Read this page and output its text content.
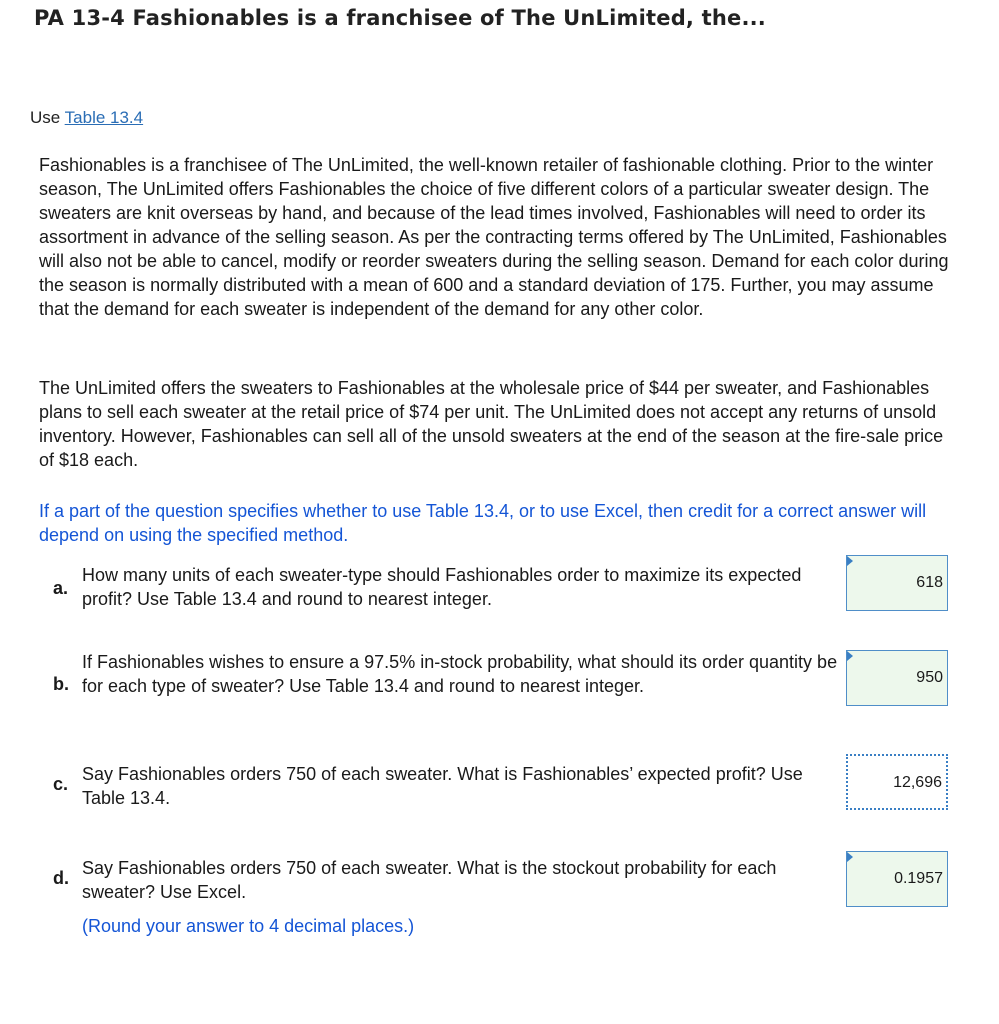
PA 13-4 Fashionables is a franchisee of The UnLimited, the...
Use Table 13.4

Fashionables is a franchisee of The UnLimited, the well-known retailer of fashionable clothing. Prior to the winter season, The UnLimited offers Fashionables the choice of five different colors of a particular sweater design. The sweaters are knit overseas by hand, and because of the lead times involved, Fashionables will need to order its assortment in advance of the selling season. As per the contracting terms offered by The UnLimited, Fashionables will also not be able to cancel, modify or reorder sweaters during the selling season. Demand for each color during the season is normally distributed with a mean of 600 and a standard deviation of 175. Further, you may assume that the demand for each sweater is independent of the demand for any other color.

The UnLimited offers the sweaters to Fashionables at the wholesale price of $44 per sweater, and Fashionables plans to sell each sweater at the retail price of $74 per unit. The UnLimited does not accept any returns of unsold inventory. However, Fashionables can sell all of the unsold sweaters at the end of the season at the fire-sale price of $18 each.

If a part of the question specifies whether to use Table 13.4, or to use Excel, then credit for a correct answer will depend on using the specified method.

a.

How many units of each sweater-type should Fashionables order to maximize its expected profit? Use Table 13.4 and round to nearest integer.

618
b.

If Fashionables wishes to ensure a 97.5% in-stock probability, what should its order quantity be for each type of sweater? Use Table 13.4 and round to nearest integer.	950
c. Say Fashionables orders 750 of each sweater. What is Fashionables’ expected profit? Use Table 13.4.

12,696
d. Say Fashionables orders 750 of each sweater. What is the stockout probability for each sweater? Use Excel.

(Round your answer to 4 decimal places.)
0.1957
